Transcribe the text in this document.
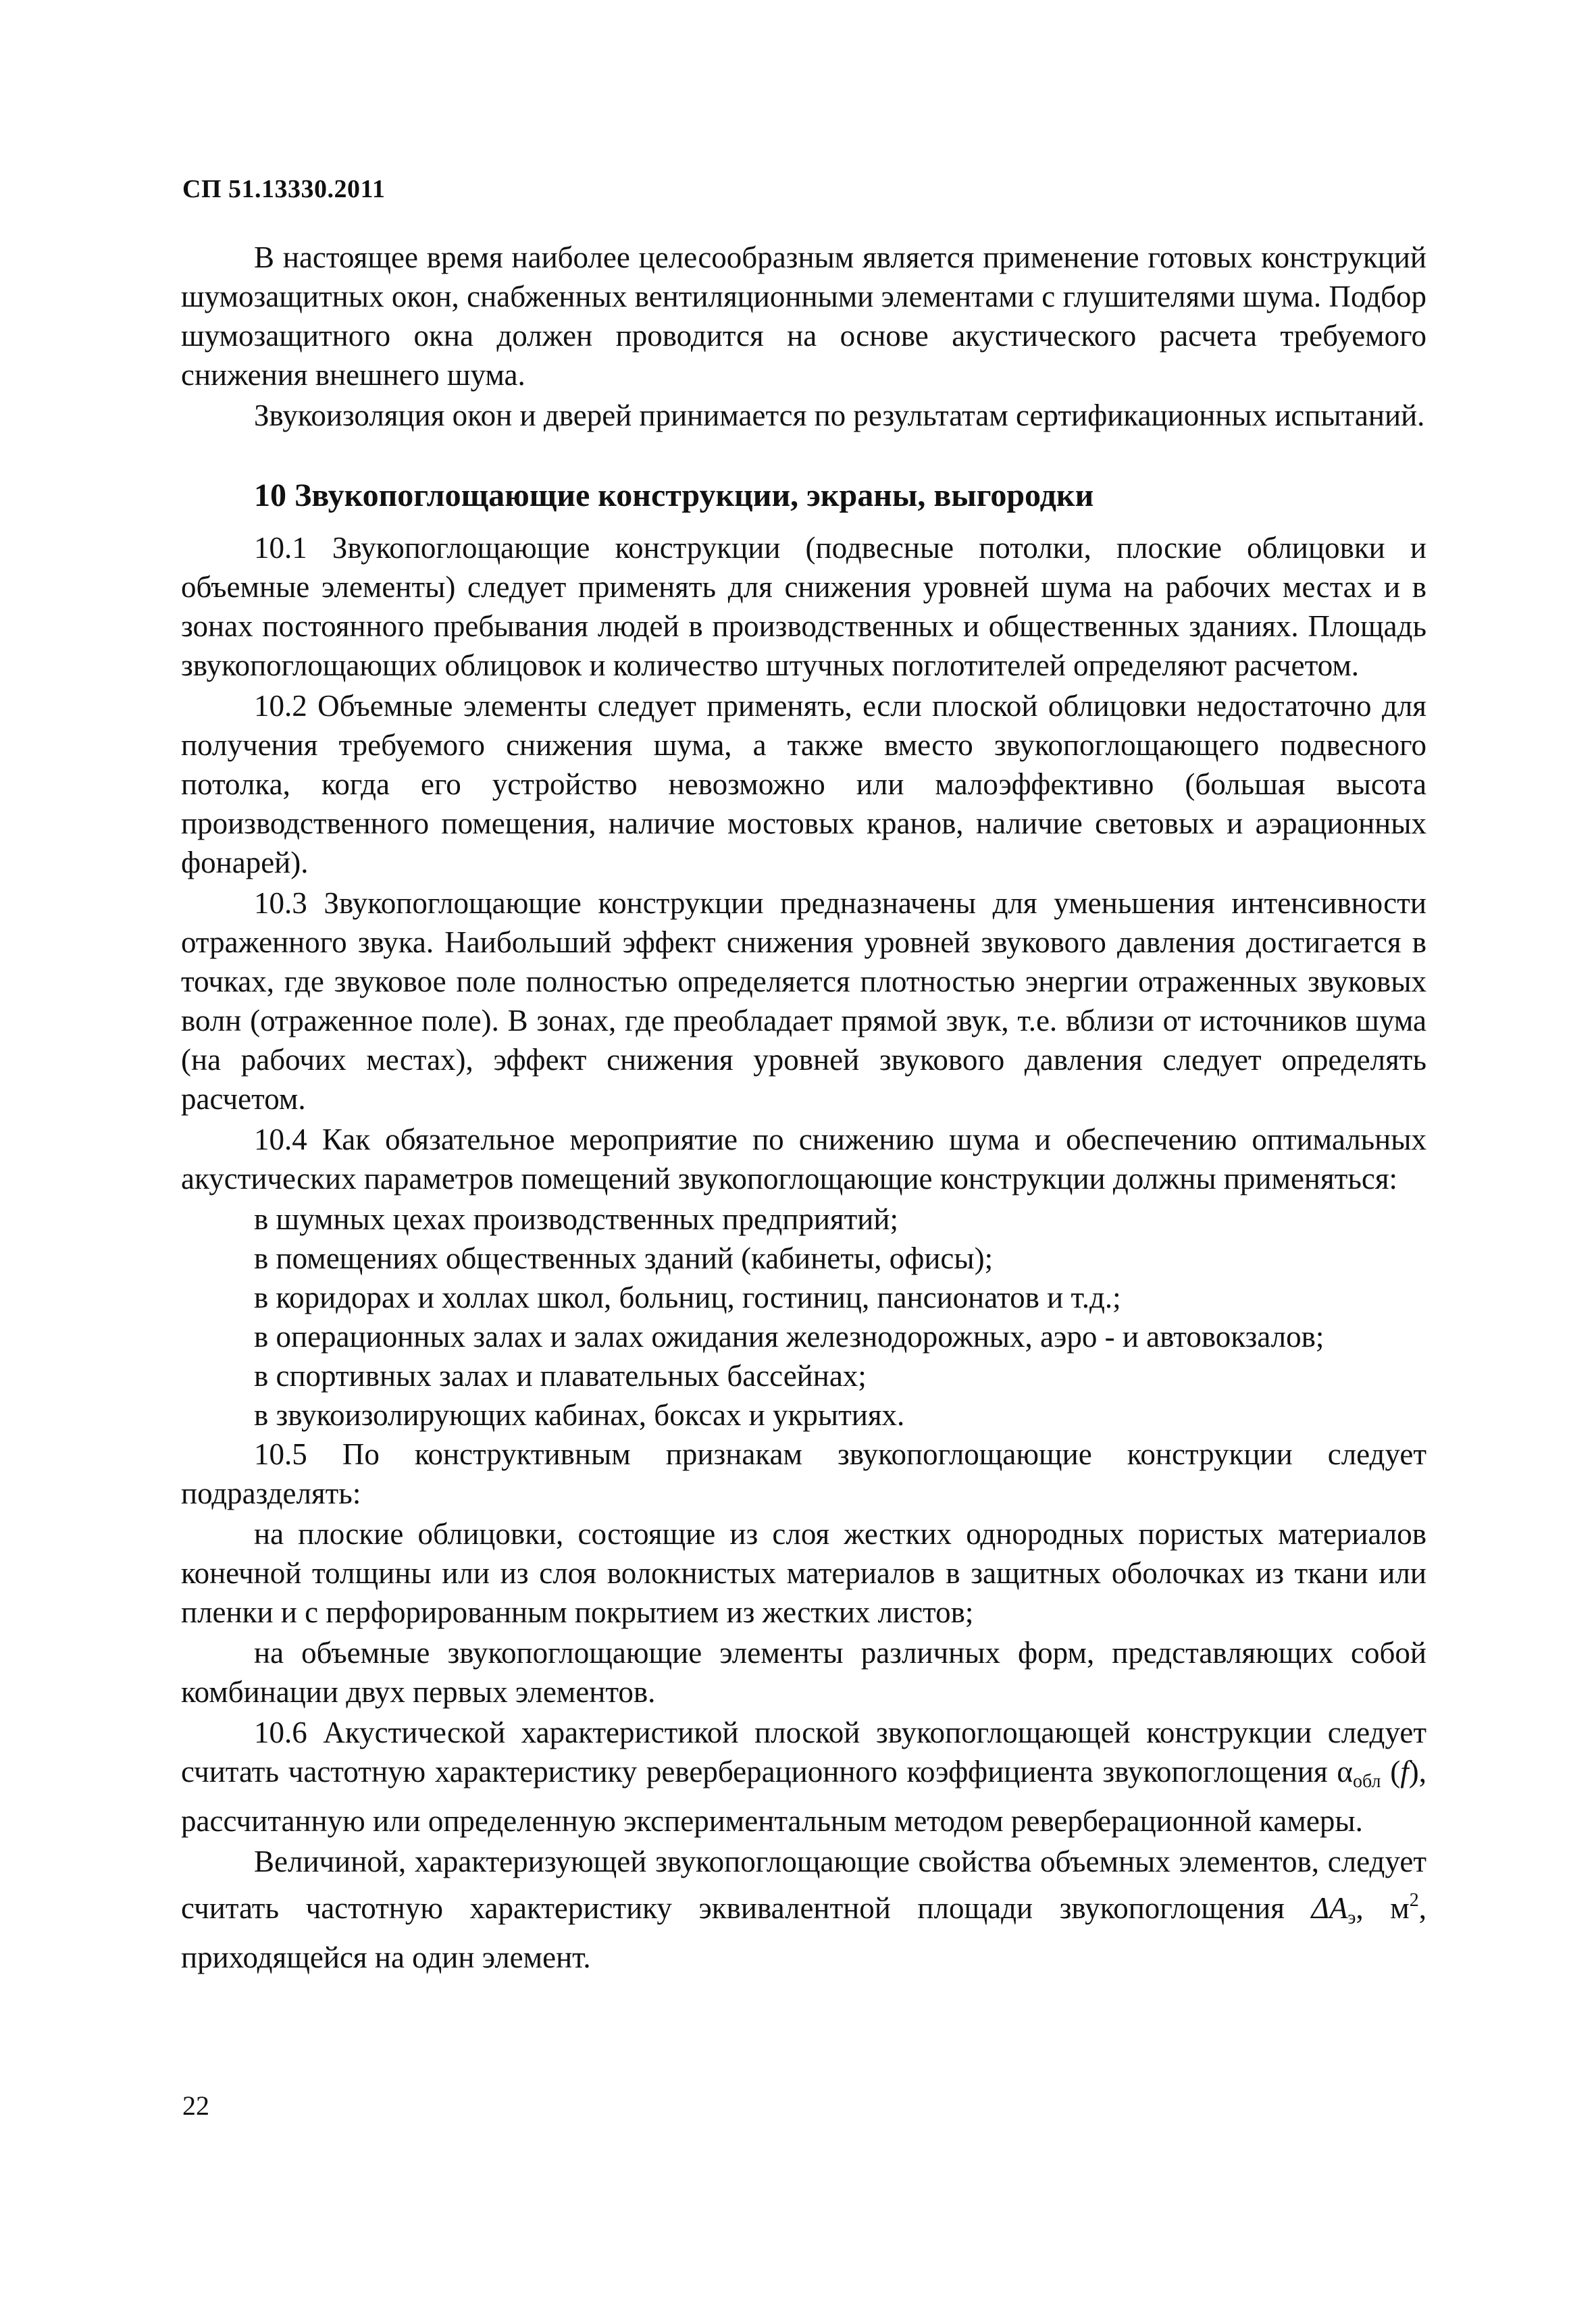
СП 51.13330.2011

В настоящее время наиболее целесообразным является применение готовых конструкций шумозащитных окон, снабженных вентиляционными элементами с глушителями шума. Подбор шумозащитного окна должен проводится на основе акустического расчета требуемого снижения внешнего шума.

Звукоизоляция окон и дверей принимается по результатам сертификационных испытаний.

10 Звукопоглощающие конструкции, экраны, выгородки

10.1 Звукопоглощающие конструкции (подвесные потолки, плоские облицовки и объемные элементы) следует применять для снижения уровней шума на рабочих местах и в зонах постоянного пребывания людей в производственных и общественных зданиях. Площадь звукопоглощающих облицовок и количество штучных поглотителей определяют расчетом.

10.2 Объемные элементы следует применять, если плоской облицовки недостаточно для получения требуемого снижения шума, а также вместо звукопоглощающего подвесного потолка, когда его устройство невозможно или малоэффективно (большая высота производственного помещения, наличие мостовых кранов, наличие световых и аэрационных фонарей).

10.3 Звукопоглощающие конструкции предназначены для уменьшения интенсивности отраженного звука. Наибольший эффект снижения уровней звукового давления достигается в точках, где звуковое поле полностью определяется плотностью энергии отраженных звуковых волн (отраженное поле). В зонах, где преобладает прямой звук, т.е. вблизи от источников шума (на рабочих местах), эффект снижения уровней звукового давления следует определять расчетом.

10.4 Как обязательное мероприятие по снижению шума и обеспечению оптимальных акустических параметров помещений звукопоглощающие конструкции должны применяться:

в шумных цехах производственных предприятий;

в помещениях общественных зданий (кабинеты, офисы);

в коридорах и холлах школ, больниц, гостиниц, пансионатов и т.д.;

в операционных залах и залах ожидания железнодорожных, аэро - и автовокзалов;

в спортивных залах и плавательных бассейнах;

в звукоизолирующих кабинах, боксах и укрытиях.

10.5 По конструктивным признакам звукопоглощающие конструкции следует подразделять:

на плоские облицовки, состоящие из слоя жестких однородных пористых материалов конечной толщины или из слоя волокнистых материалов в защитных оболочках из ткани или пленки и с перфорированным покрытием из жестких листов;

на объемные звукопоглощающие элементы различных форм, представляющих собой комбинации двух первых элементов.

10.6 Акустической характеристикой плоской звукопоглощающей конструкции следует считать частотную характеристику реверберационного коэффициента звукопоглощения $\alpha_{обл}$ (f), рассчитанную или определенную экспериментальным методом реверберационной камеры.

Величиной, характеризующей звукопоглощающие свойства объемных элементов, следует считать частотную характеристику эквивалентной площади звукопоглощения $\Delta A_э$, $м^2$, приходящейся на один элемент.

22
